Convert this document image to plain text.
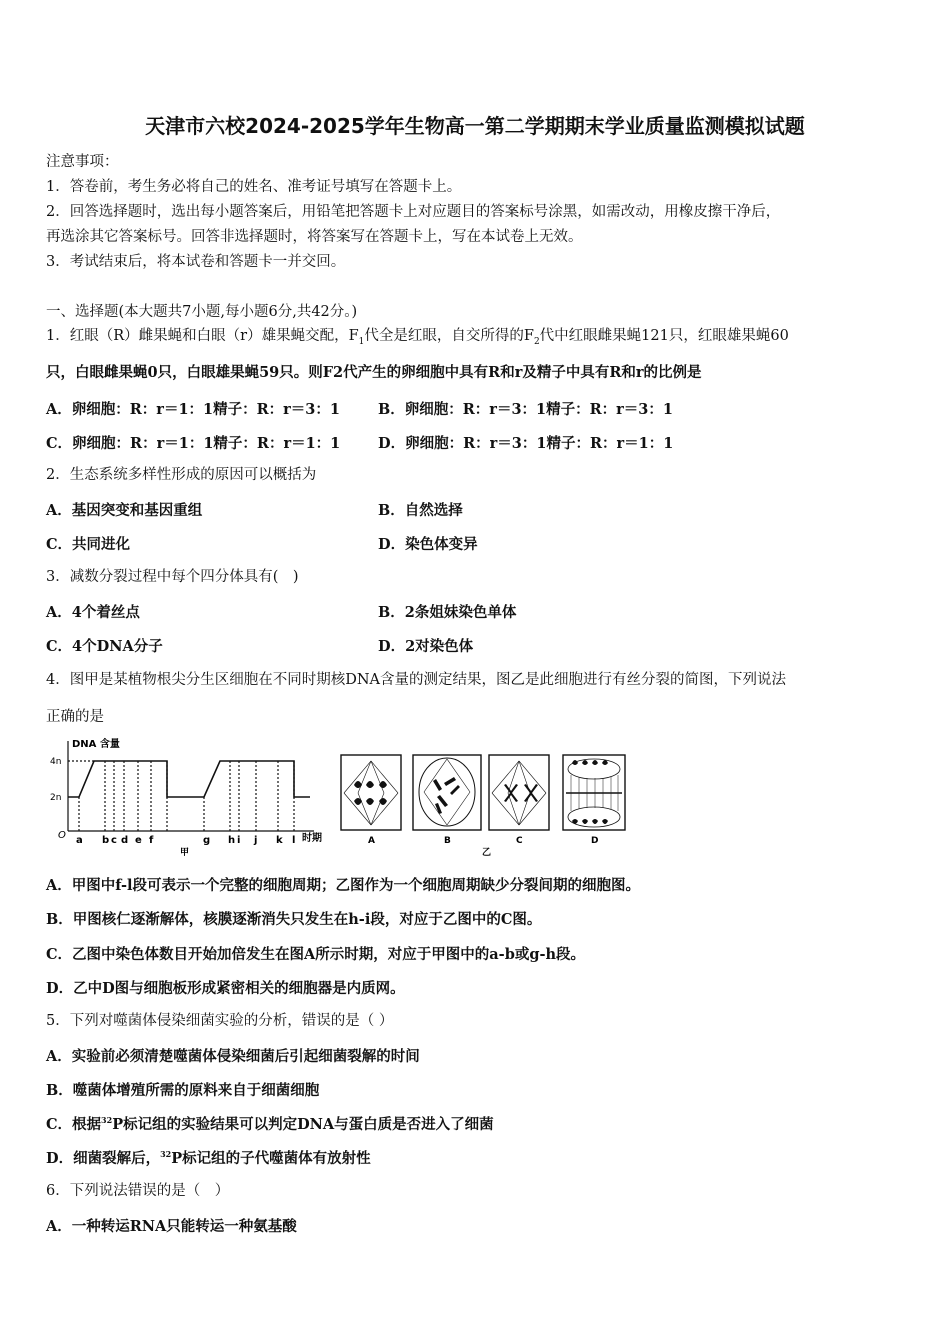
天津市六校2024-2025学年生物高一第二学期期末学业质量监测模拟试题
注意事项：
1．答卷前，考生务必将自己的姓名、准考证号填写在答题卡上。
2．回答选择题时，选出每小题答案后，用铅笔把答题卡上对应题目的答案标号涂黑，如需改动，用橡皮擦干净后，
再选涂其它答案标号。回答非选择题时，将答案写在答题卡上，写在本试卷上无效。
3．考试结束后，将本试卷和答题卡一并交回。
一、选择题(本大题共7小题,每小题6分,共42分。)
1．红眼（R）雌果蝇和白眼（r）雄果蝇交配，$F_1$代全是红眼，自交所得的$F_2$代中红眼雌果蝇121只，红眼雄果蝇60
只，白眼雌果蝇0只，白眼雄果蝇59只。则F2代产生的卵细胞中具有R和r及精子中具有R和r的比例是
A．卵细胞：R：r＝1：1精子：R：r＝3：1	B．卵细胞：R：r＝3：1精子：R：r＝3：1
C．卵细胞：R：r＝1：1精子：R：r＝1：1	D．卵细胞：R：r＝3：1精子：R：r＝1：1
2．生态系统多样性形成的原因可以概括为
A．基因突变和基因重组	B．自然选择
C．共同进化	D．染色体变异
3．减数分裂过程中每个四分体具有(　)
A．4个着丝点	B．2条姐妹染色单体
C．4个DNA分子	D．2对染色体
4．图甲是某植物根尖分生区细胞在不同时期核DNA含量的测定结果，图乙是此细胞进行有丝分裂的简图，下列说法
正确的是
DNA 含量
4n
2n
O a b c d e f	g h i j k l 时期
甲
A	B	C	D
乙
A．甲图中f-l段可表示一个完整的细胞周期；乙图作为一个细胞周期缺少分裂间期的细胞图。
B．甲图核仁逐渐解体，核膜逐渐消失只发生在h-i段，对应于乙图中的C图。
C．乙图中染色体数目开始加倍发生在图A所示时期，对应于甲图中的a-b或g-h段。
D．乙中D图与细胞板形成紧密相关的细胞器是内质网。
5．下列对噬菌体侵染细菌实验的分析，错误的是（ ）
A．实验前必须清楚噬菌体侵染细菌后引起细菌裂解的时间
B．噬菌体增殖所需的原料来自于细菌细胞
C．根据$^{32}$P标记组的实验结果可以判定DNA与蛋白质是否进入了细菌
D．细菌裂解后，$^{32}$P标记组的子代噬菌体有放射性
6．下列说法错误的是（　）
A．一种转运RNA只能转运一种氨基酸
